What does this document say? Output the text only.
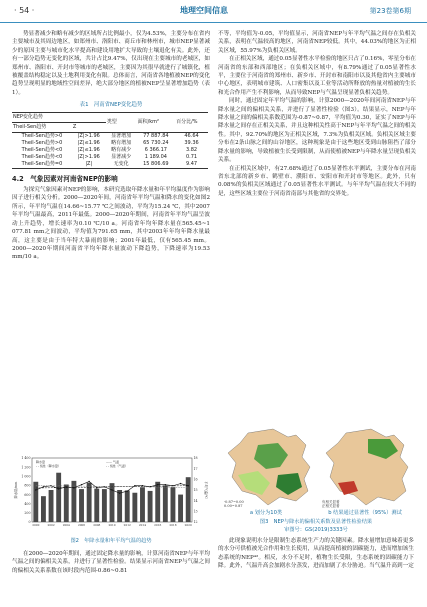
· 54 ·	地理空间信息	第23卷第6期

势显著减少和略有减少的区域所占比例最小，仅为4.53%，主要分布在省内主要城市及其周边地区，如郑州市、洛阳市、商丘市和林州市，城市NEP显著减少的原因主要与城市化水平提高和建设用地扩大导致的土壤退化有关。此外，还有一部分趋势无变化的区域，共计占比9.47%，仅出现在主要城市的老城区，如郑州市、洛阳市、开封市等城市的老城区，主要因为其很早就进行了城镇化，植被覆盖结构稳定以及土地利用变化有限。总体而言，河南省各地植被NEP的变化趋势呈现明显的地域性空间差异，绝大部分地区的植被NEP呈显著增加趋势（表1）。

表1　河南省NEP变化趋势
NEP变化趋势		类型	面积/km²	百分比/%
Theil-Sen趋势	Z			
Theil-Sen趋势>0	|Z|>1.96	显著增加	77 887.84	46.64
Theil-Sen趋势>0	|Z|≤1.96	略有增加	65 730.24	39.36
Theil-Sen趋势<0	|Z|≤1.96	略有减少	6 366.17	3.82
Theil-Sen趋势<0	|Z|>1.96	显著减少	1 189.04	0.71
Theil-Sen趋势=0	|Z|	无变化	15 806.69	9.47
4.2　气象因素对河南省NEP的影响

为探究气象因素对NEP的影响，本研究选取年降水量和年平均温度作为影响因子进行相关分析。2000—2020年间，河南省年平均气温和降水的变化如图2所示，年平均气温在14.66~15.77 ℃之间波动，平均为15.24 ℃，其中2007年平均气温最高，2011年最低。2000—2020年期间，河南省年平均气温呈波动上升趋势，增长速率为0.10 ℃/10 a。河南省年均年降水量在565.45~1 077.81 mm之间波动，平均值为791.65 mm，其中2003年年均年降水量最高，这主要是由于当年特大暴雨的影响；2001年最低，仅有565.45 mm。2000—2020年期间河南省平均年降水量波动下降趋势，下降速率为19.53 mm/10 a。

0
200
400
600
800
1 000
1 200
1 400
12
13
14
15
16
17
18
2000	2002	2004	2006	2008	2010	2012	2014	2016	2018	2020
降水量	—— 气温
- - 线性（降水量）	- - 线性（气温）
降水量/mm	平均气温/℃
图2　年降水量和年平均气温的趋势

在2000—2020年期间，通过固定降水量的影响，计算河南省NEP与年平均气温之间的偏相关关系，并进行了显著性检验。结果显示河南省NEP与气温之间的偏相关关系系数在该时段内范围-0.86~0.81

不等，平均值为-0.05，平均值显示，河南省NEP与年平均气温之间存在负相关关系，表明在气温较高的地区，河南省NEP较低。其中，44.03%的地区为正相关区域，55.97%为负相关区域。

在正相关区域，通过0.05显著性水平检验的地区只占了0.16%，零星分布在河南省的东部和西部地区；在负相关区域中，有8.79%通过了0.05显著性水平，主要位于河南省的郑州市、新乡市、开封市和南阳市以及其他省内主要城市中心地区，表明城市建筑、人口密集以及工业等活动所释放的热量对植被的生长和光合作用产生不利影响，从而导致NEP与气温呈现显著负相关趋势。

同时，通过固定年平均气温的影响，计算2000—2020年间河南省NEP与年降水量之间的偏相关关系，并进行了显著性检验（图3）。结果显示，NEP与年降水量之间的偏相关系数范围为-0.87~0.87，平均值为0.30，证实了NEP与年降水量之间存在正相关关系，并且这种相关性高于NEP与年平均气温之间的相关性。其中，92.70%的地区为正相关区域，7.3%为负相关区域。负相关区域主要分布在2条山脉之间的山谷地区，这种现象是由于这些地区受到山脉阻挡了部分降水量的影响，导致植被生长受到限制，从而使植被NEP与年降水量呈现负相关关系。

在正相关区域中，有27.68%通过了0.05显著性水平测试，主要分布在河南省东北部的新乡市、鹤壁市、濮阳市、安阳市和开封市等地区。此外，只有0.08%的负相关区域通过了0.05显著性水平测试。与年平均气温在较大不同的是，这些区域主要位于河南省南部与其他省的交界处。

-0.87~0.00
0.00~0.87
负相关显著
正相关显著
a 划分为10类	b 结果通过显著性（95%）测试
图3　NEP与降水的偏相关系数及显著性检验结果
审图号：GS(2019)3333号

此现象说明水分是限制生态系统生产力的关键因素。降水量增加意味着更多的水分可供植被光合作用和生长使用，从而提高植被的固碳能力，进而增加该生态系统的NEP⁴²。相反，水分不足时，植物生长受限，生态系统的固碳能力下降。此外，气温升高会加剧水分蒸发，进而加剧了水分胁迫。当气温升高到一定
